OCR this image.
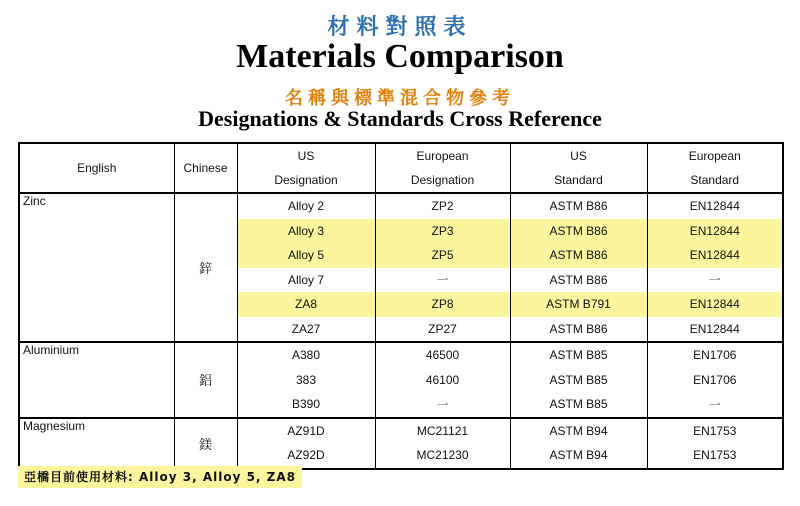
材料對照表
Materials Comparison
名稱與標準混合物參考
Designations & Standards Cross Reference
English	Chinese	US	European	US	European
		Designation	Designation	Standard	Standard
Zinc	鋅	Alloy 2	ZP2	ASTM B86	EN12844
		Alloy 3	ZP3	ASTM B86	EN12844
		Alloy 5	ZP5	ASTM B86	EN12844
		Alloy 7	一	ASTM B86	一
		ZA8	ZP8	ASTM B791	EN12844
		ZA27	ZP27	ASTM B86	EN12844
Aluminium	鋁	A380	46500	ASTM B85	EN1706
		383	46100	ASTM B85	EN1706
		B390	一	ASTM B85	一
Magnesium	鎂	AZ91D	MC21121	ASTM B94	EN1753
		AZ92D	MC21230	ASTM B94	EN1753
亞橋目前使用材料: Alloy 3, Alloy 5, ZA8
